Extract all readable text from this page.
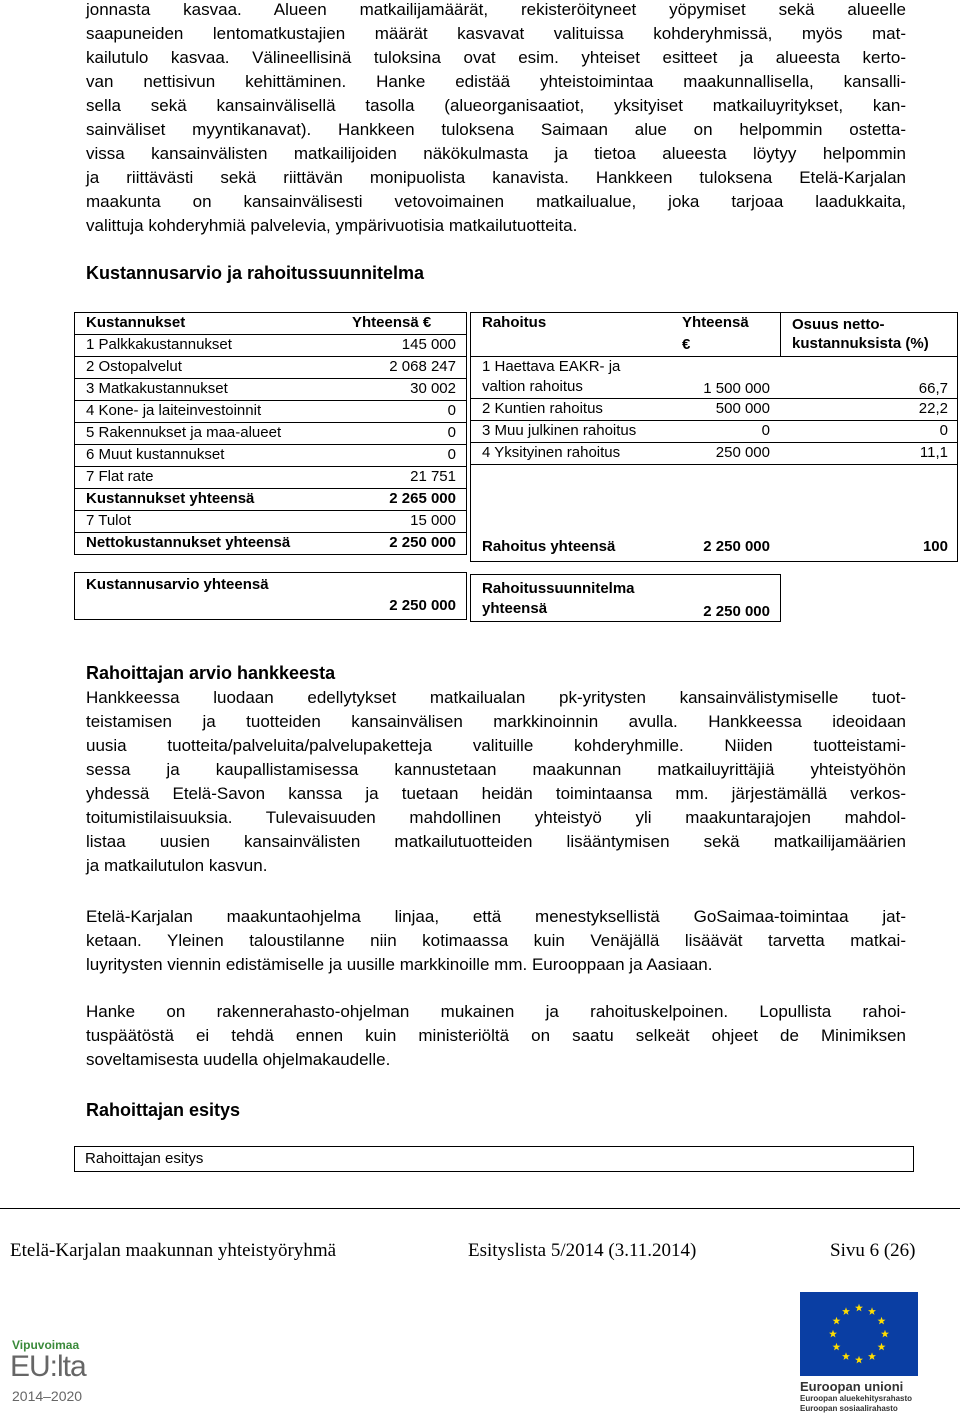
jonnasta kasvaa. Alueen matkailijamäärät, rekisteröityneet yöpymiset sekä alueelle
saapuneiden lentomatkustajien määrät kasvavat valituissa kohderyhmissä, myös mat-
kailutulo kasvaa. Välineellisinä tuloksina ovat esim. yhteiset esitteet ja alueesta kerto-
van nettisivun kehittäminen. Hanke edistää yhteistoimintaa maakunnallisella, kansalli-
sella sekä kansainvälisellä tasolla (alueorganisaatiot, yksityiset matkailuyritykset, kan-
sainväliset myyntikanavat). Hankkeen tuloksena Saimaan alue on helpommin ostetta-
vissa kansainvälisten matkailijoiden näkökulmasta ja tietoa alueesta löytyy helpommin
ja riittävästi sekä riittävän monipuolista kanavista. Hankkeen tuloksena Etelä-Karjalan
maakunta on kansainvälisesti vetovoimainen matkailualue, joka tarjoaa laadukkaita,
valittuja kohderyhmiä palvelevia, ympärivuotisia matkailutuotteita.
Kustannusarvio ja rahoitussuunnitelma
Kustannukset	Yhteensä €
1 Palkkakustannukset	145 000
2 Ostopalvelut	2 068 247
3 Matkakustannukset	30 002
4 Kone- ja laiteinvestoinnit	0
5 Rakennukset ja maa-alueet	0
6 Muut kustannukset	0
7 Flat rate	21 751
Kustannukset yhteensä	2 265 000
7 Tulot	15 000
Nettokustannukset yhteensä	2 250 000
Kustannusarvio yhteensä
2 250 000
Rahoitus	Yhteensä
€
Osuus netto-
kustannuksista (%)
1 Haettava EAKR- ja
valtion rahoitus	1 500 000	66,7
2 Kuntien rahoitus	500 000	22,2
3 Muu julkinen rahoitus	0	0
4 Yksityinen rahoitus	250 000	11,1
Rahoitus yhteensä	2 250 000	100
Rahoitussuunnitelma
yhteensä	2 250 000
Rahoittajan arvio hankkeesta
Hankkeessa luodaan edellytykset matkailualan pk-yritysten kansainvälistymiselle tuot-
teistamisen ja tuotteiden kansainvälisen markkinoinnin avulla. Hankkeessa ideoidaan
uusia tuotteita/palveluita/palvelupaketteja valituille kohderyhmille. Niiden tuotteistami-
sessa ja kaupallistamisessa kannustetaan maakunnan matkailuyrittäjiä yhteistyöhön
yhdessä Etelä-Savon kanssa ja tuetaan heidän toimintaansa mm. järjestämällä verkos-
toitumistilaisuuksia. Tulevaisuuden mahdollinen yhteistyö yli maakuntarajojen mahdol-
listaa uusien kansainvälisten matkailutuotteiden lisääntymisen sekä matkailijamäärien
ja matkailutulon kasvun.
Etelä-Karjalan maakuntaohjelma linjaa, että menestyksellistä GoSaimaa-toimintaa jat-
ketaan. Yleinen taloustilanne niin kotimaassa kuin Venäjällä lisäävät tarvetta matkai-
luyritysten viennin edistämiselle ja uusille markkinoille mm. Eurooppaan ja Aasiaan.
Hanke on rakennerahasto-ohjelman mukainen ja rahoituskelpoinen. Lopullista rahoi-
tuspäätöstä ei tehdä ennen kuin ministeriöltä on saatu selkeät ohjeet de Minimiksen
soveltamisesta uudella ohjelmakaudelle.
Rahoittajan esitys
Rahoittajan esitys
Etelä-Karjalan maakunnan yhteistyöryhmä	Esityslista 5/2014 (3.11.2014)	Sivu 6 (26)
Vipuvoimaa
EU:lta
2014–2020
Euroopan unioni
Euroopan aluekehitysrahasto
Euroopan sosiaalirahasto
